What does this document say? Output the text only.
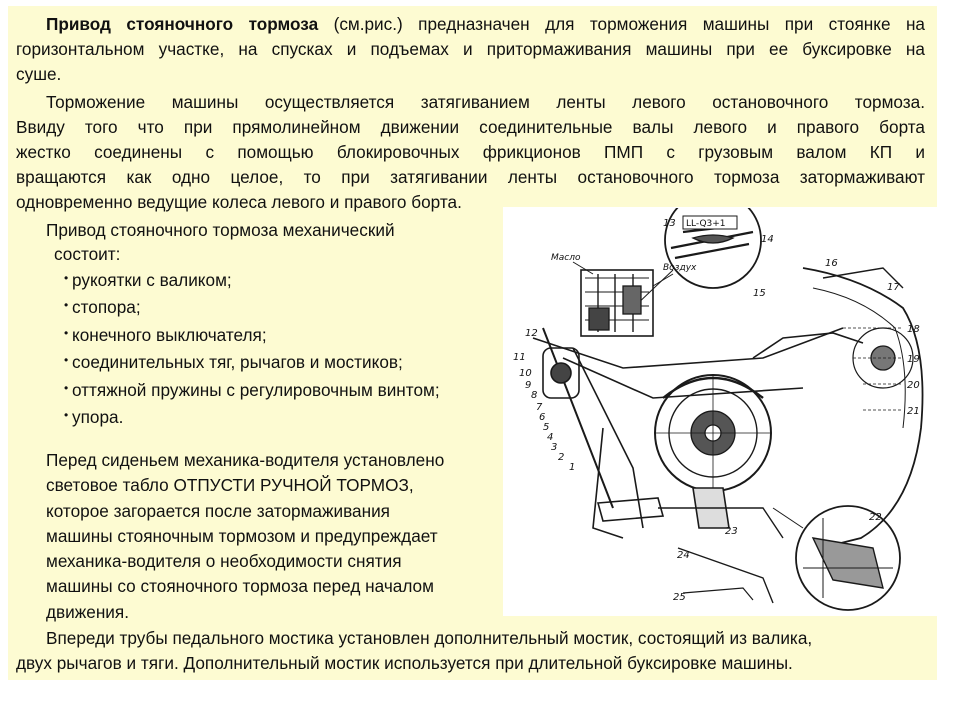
Привод стояночного тормоза (см.рис.) предназначен для торможения машины при стоянке на

горизонтальном участке, на спусках и подъемах и притормаживания машины при ее буксировке на

суше.

Торможение машины осуществляется затягиванием ленты левого остановочного тормоза.

Ввиду того что при прямолинейном движении соединительные валы левого и правого борта

жестко соединены с помощью блокировочных фрикционов ПМП с грузовым валом КП и

вращаются как одно целое, то при затягивании ленты остановочного тормоза затормаживают

одновременно ведущие колеса левого и правого борта.

Привод стояночного тормоза механический

состоит:

• рукоятки с валиком;
• стопора;
• конечного выключателя;
• соединительных тяг, рычагов и мостиков;
• оттяжной пружины с регулировочным винтом;
• упора.
Перед сиденьем механика-водителя установлено
световое табло ОТПУСТИ РУЧНОЙ ТОРМОЗ,
которое загорается после затормаживания
машины стояночным тормозом и предупреждает
механика-водителя о необходимости снятия
машины со стояночного тормоза перед началом
движения.

Впереди трубы педального мостика установлен дополнительный мостик, состоящий из валика,

двух рычагов и тяги. Дополнительный мостик используется при длительной буксировке машины.

LL-Q3+1
Масло
Воздух
1
2
3
4
5
6
7
8
9
10
11
12
13
14
15
16
17
18
19
20
21
22
23
24
25
